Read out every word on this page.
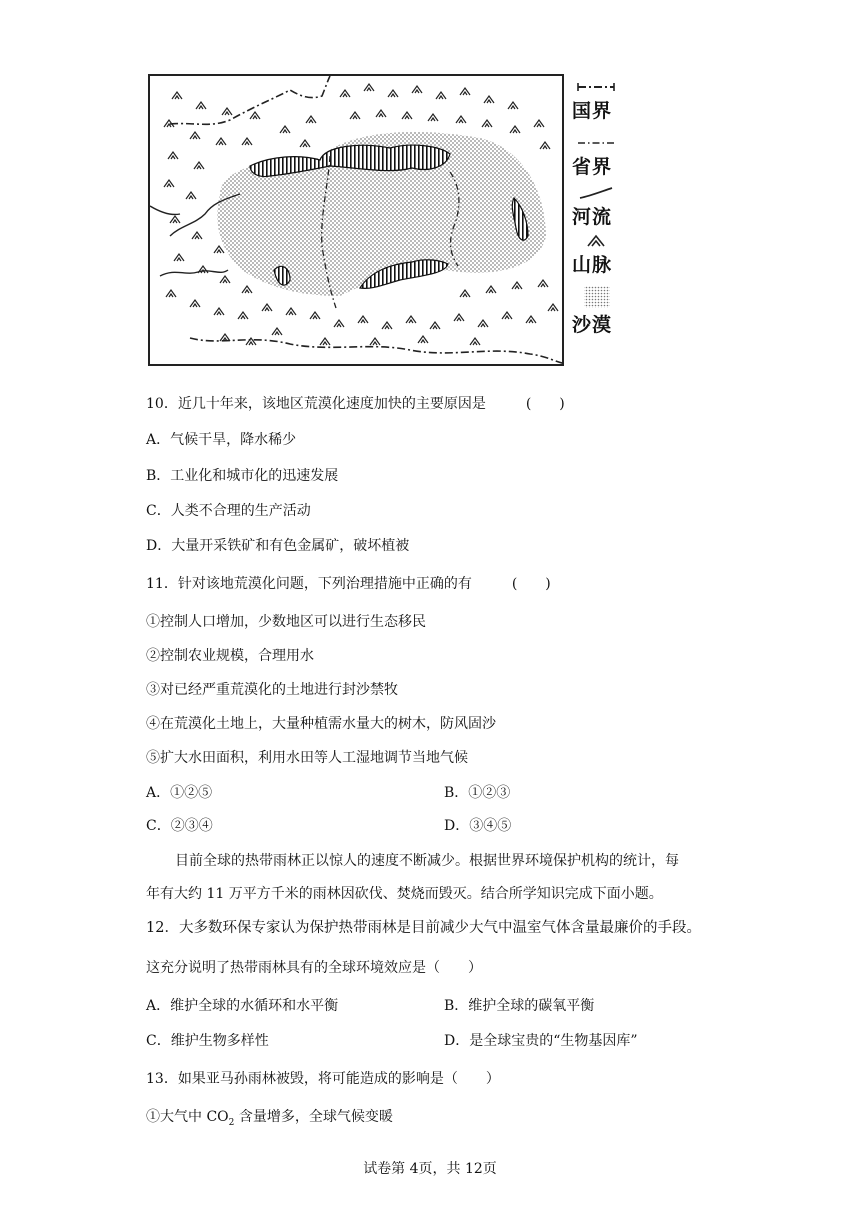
国界
省界
河流
山脉
沙漠
10．近几十年来，该地区荒漠化速度加快的主要原因是	(　　)
A．气候干旱，降水稀少
B．工业化和城市化的迅速发展
C．人类不合理的生产活动
D．大量开采铁矿和有色金属矿，破坏植被
11．针对该地荒漠化问题，下列治理措施中正确的有	(　　)
①控制人口增加，少数地区可以进行生态移民
②控制农业规模，合理用水
③对已经严重荒漠化的土地进行封沙禁牧
④在荒漠化土地上，大量种植需水量大的树木，防风固沙
⑤扩大水田面积，利用水田等人工湿地调节当地气候
A．①②⑤	B．①②③
C．②③④	D．③④⑤
目前全球的热带雨林正以惊人的速度不断减少。根据世界环境保护机构的统计，每
年有大约 11 万平方千米的雨林因砍伐、焚烧而毁灭。结合所学知识完成下面小题。
12．大多数环保专家认为保护热带雨林是目前减少大气中温室气体含量最廉价的手段。
这充分说明了热带雨林具有的全球环境效应是（　　）
A．维护全球的水循环和水平衡	B．维护全球的碳氧平衡
C．维护生物多样性	D．是全球宝贵的“生物基因库”
13．如果亚马孙雨林被毁，将可能造成的影响是（　　）
①大气中 $CO_2$ 含量增多，全球气候变暖
试卷第 4页，共 12页
